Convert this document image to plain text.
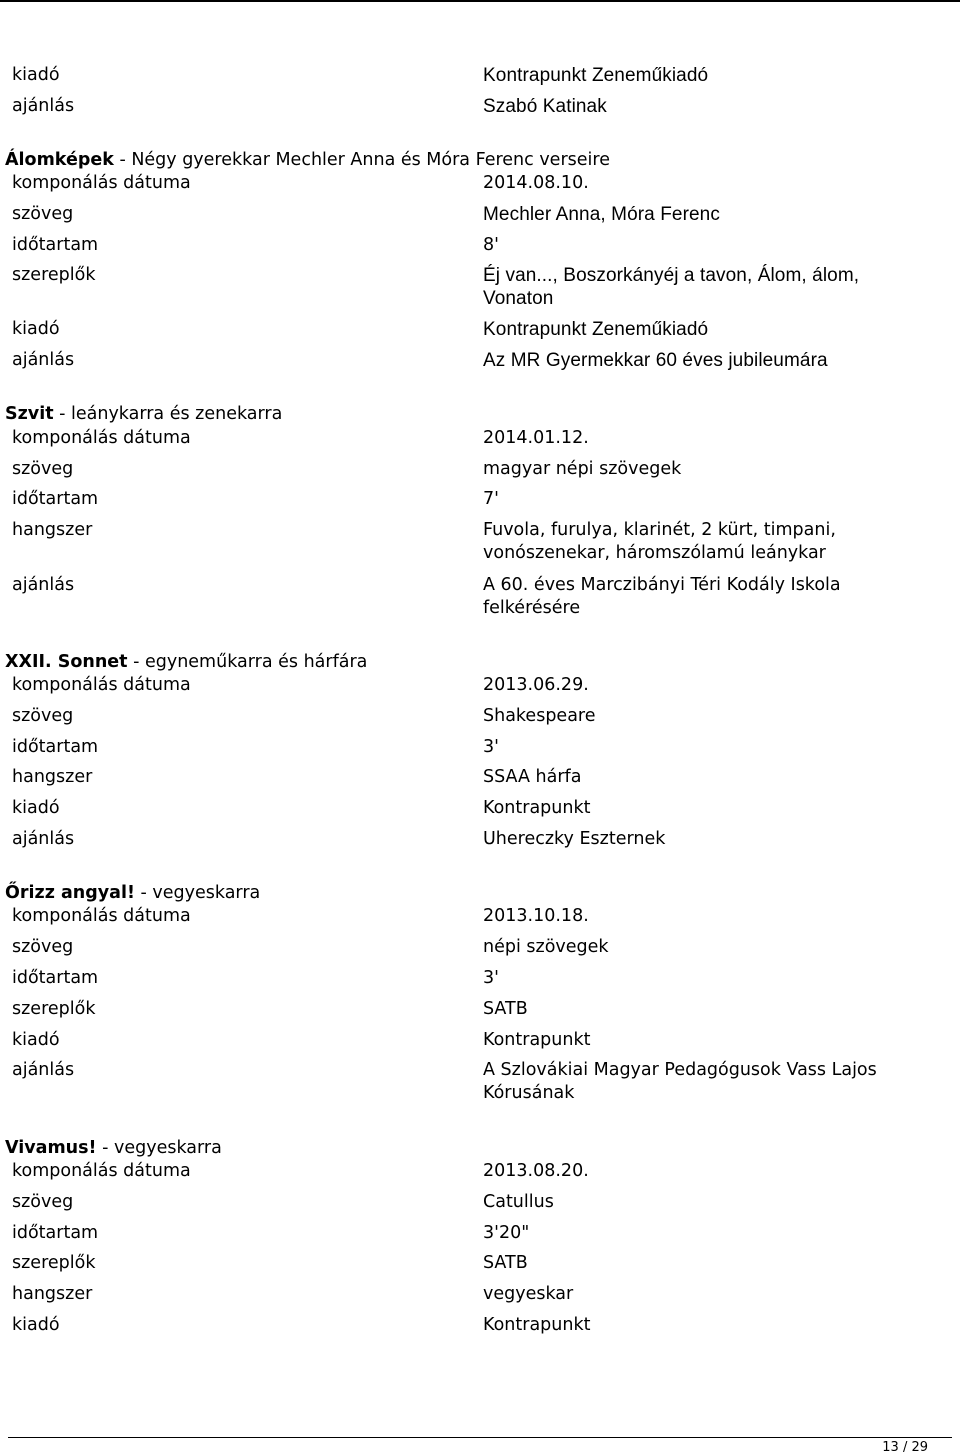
kiadó	Kontrapunkt Zeneműkiadó
ajánlás	Szabó Katinak
Álomképek - Négy gyerekkar Mechler Anna és Móra Ferenc verseire
komponálás dátuma	2014.08.10.
szöveg	Mechler Anna, Móra Ferenc
időtartam	8'
szereplők	Éj van..., Boszorkányéj a tavon, Álom, álom, Vonaton
kiadó	Kontrapunkt Zeneműkiadó
ajánlás	Az MR Gyermekkar 60 éves jubileumára
Szvit - leánykarra és zenekarra
komponálás dátuma	2014.01.12.
szöveg	magyar népi szövegek
időtartam	7'
hangszer	Fuvola, furulya, klarinét, 2 kürt, timpani, vonószenekar, háromszólamú leánykar
ajánlás	A 60. éves Marczibányi Téri Kodály Iskola felkérésére
XXII. Sonnet - egyneműkarra és hárfára
komponálás dátuma	2013.06.29.
szöveg	Shakespeare
időtartam	3'
hangszer	SSAA hárfa
kiadó	Kontrapunkt
ajánlás	Uhereczky Eszternek
Őrizz angyal! - vegyeskarra
komponálás dátuma	2013.10.18.
szöveg	népi szövegek
időtartam	3'
szereplők	SATB
kiadó	Kontrapunkt
ajánlás	A Szlovákiai Magyar Pedagógusok Vass Lajos Kórusának
Vivamus! - vegyeskarra
komponálás dátuma	2013.08.20.
szöveg	Catullus
időtartam	3'20"
szereplők	SATB
hangszer	vegyeskar
kiadó	Kontrapunkt
13 / 29
